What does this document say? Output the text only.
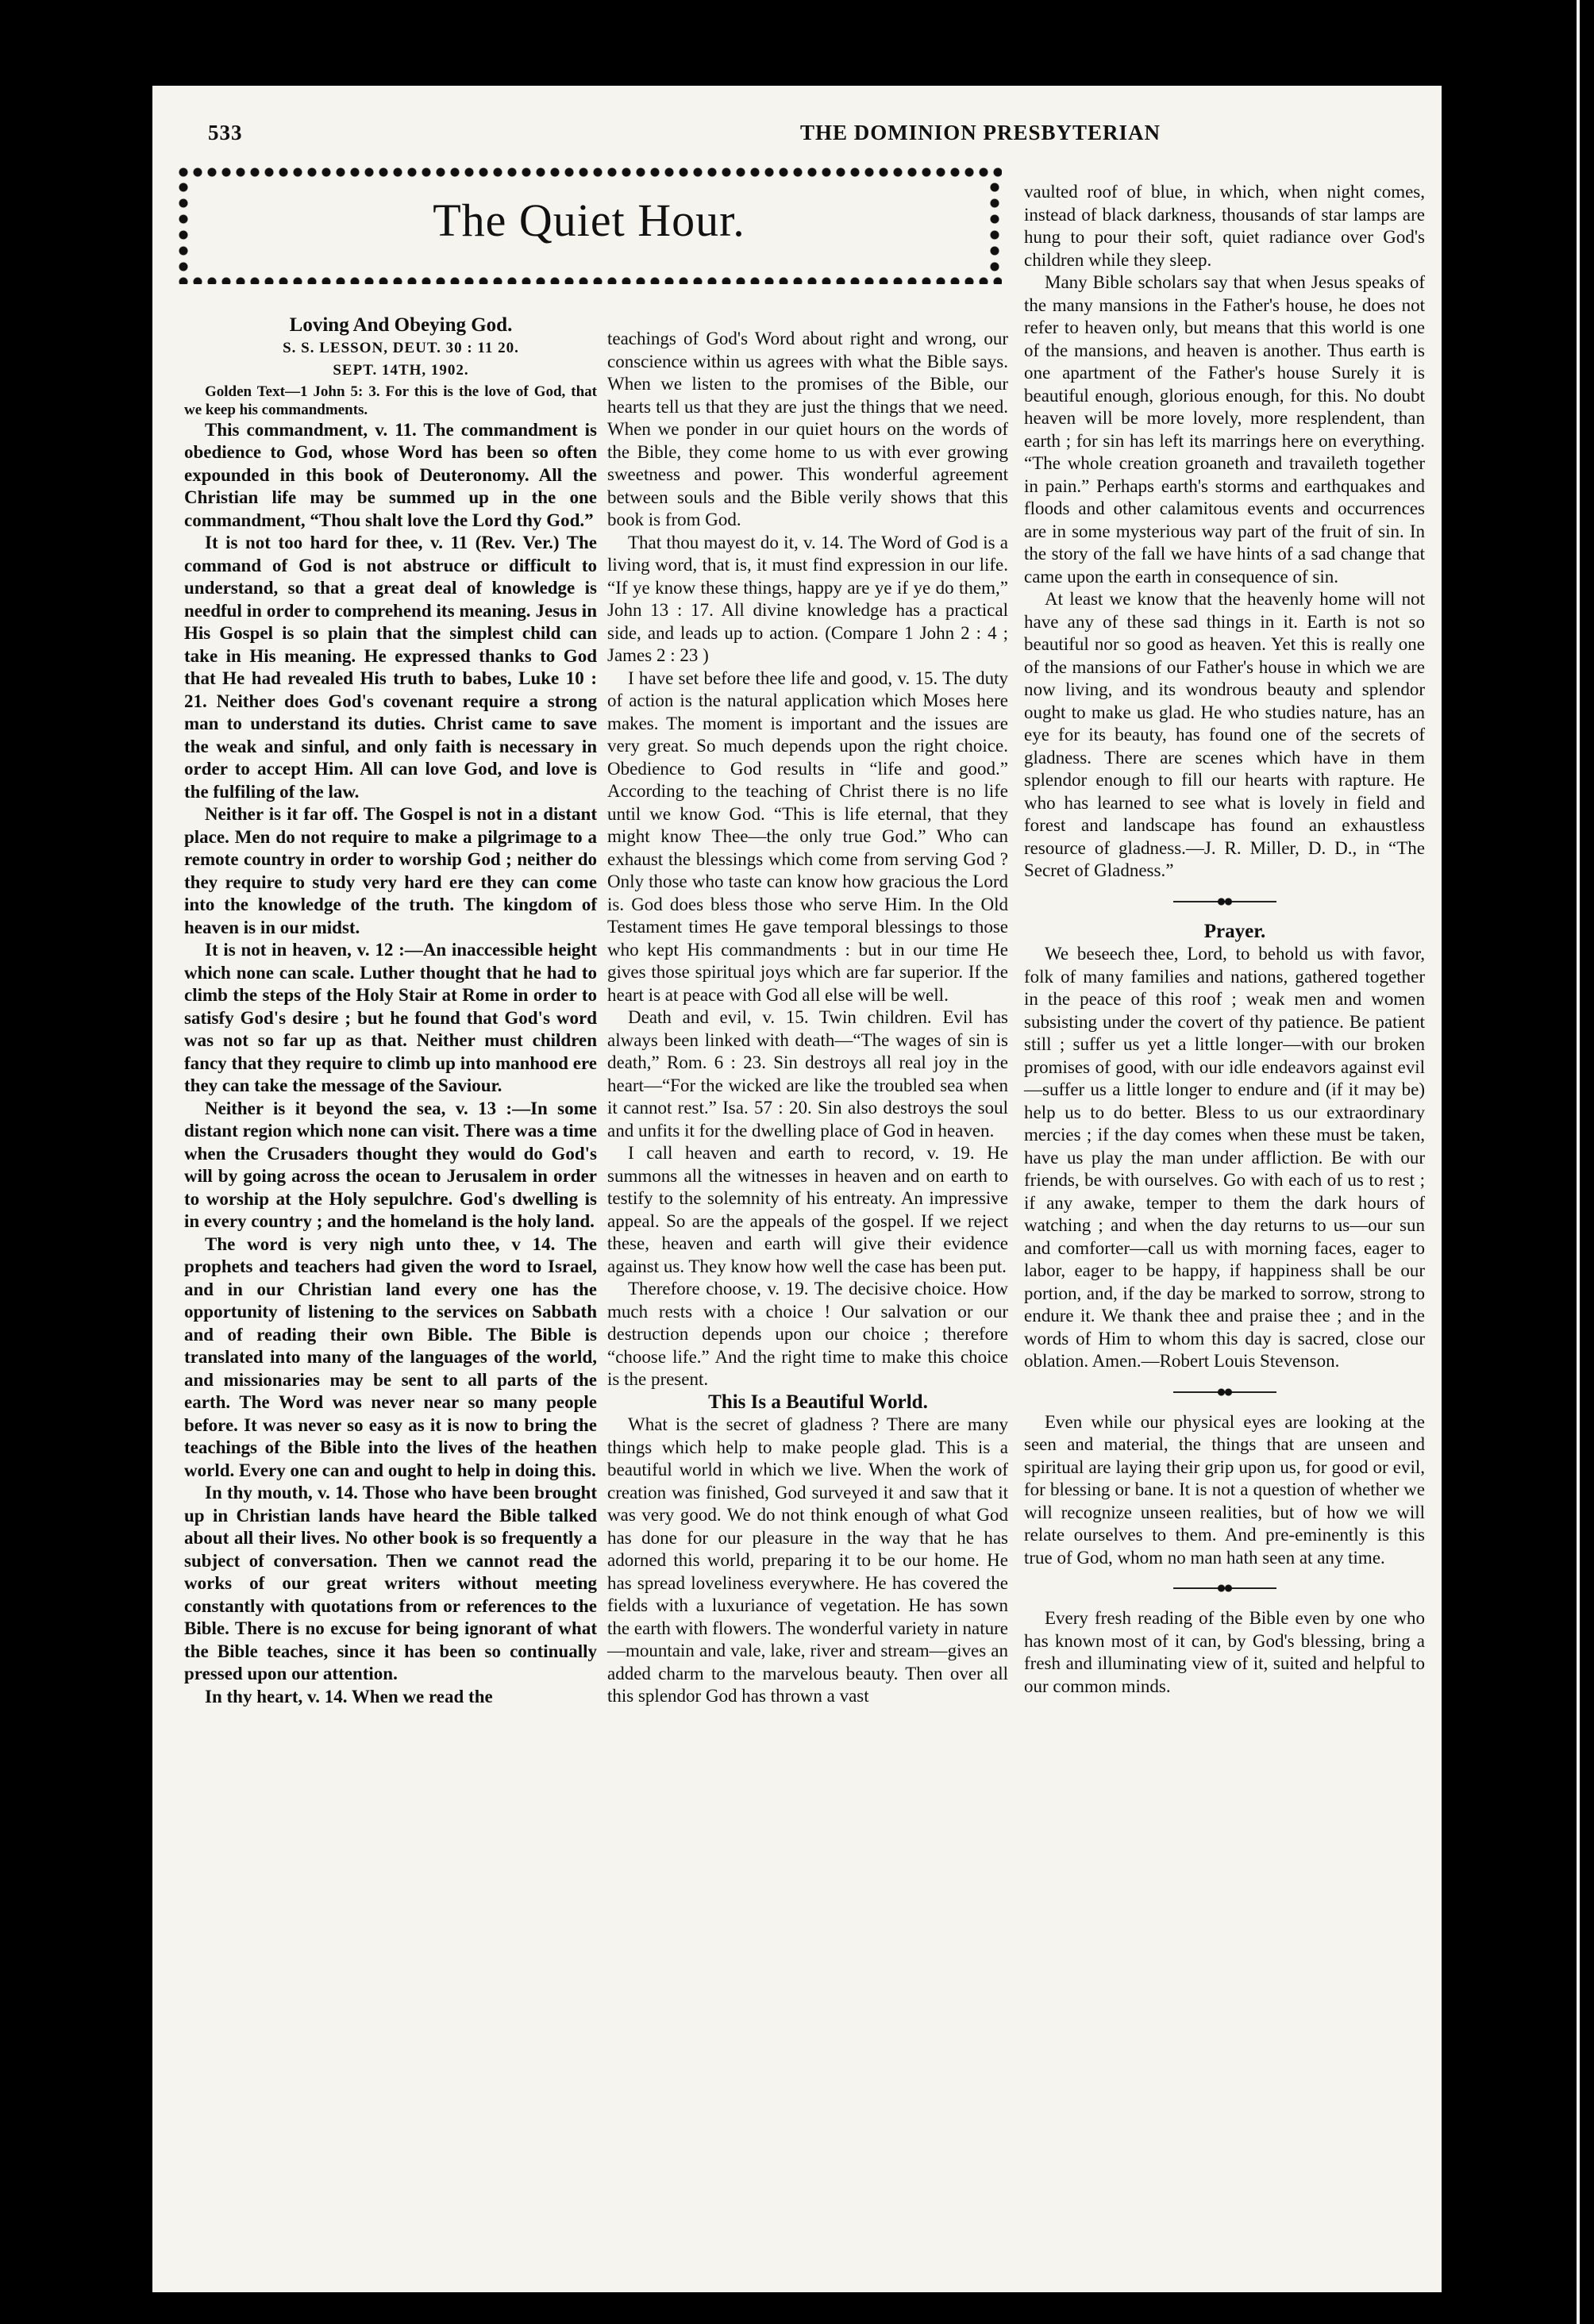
533	THE DOMINION PRESBYTERIAN
The Quiet Hour.

Loving And Obeying God.

S. S. LESSON, DEUT. 30 : 11 20.

SEPT. 14TH, 1902.

Golden Text—1 John 5: 3. For this is the love of God, that we keep his commandments.

This commandment, v. 11. The commandment is obedience to God, whose Word has been so often expounded in this book of Deuteronomy. All the Christian life may be summed up in the one commandment, “Thou shalt love the Lord thy God.”

It is not too hard for thee, v. 11 (Rev. Ver.) The command of God is not abstruce or difficult to understand, so that a great deal of knowledge is needful in order to comprehend its meaning. Jesus in His Gospel is so plain that the simplest child can take in His meaning. He expressed thanks to God that He had revealed His truth to babes, Luke 10 : 21. Neither does God's covenant require a strong man to understand its duties. Christ came to save the weak and sinful, and only faith is necessary in order to accept Him. All can love God, and love is the fulfiling of the law.

Neither is it far off. The Gospel is not in a distant place. Men do not require to make a pilgrimage to a remote country in order to worship God ; neither do they require to study very hard ere they can come into the knowledge of the truth. The kingdom of heaven is in our midst.

It is not in heaven, v. 12 :—An inaccessible height which none can scale. Luther thought that he had to climb the steps of the Holy Stair at Rome in order to satisfy God's desire ; but he found that God's word was not so far up as that. Neither must children fancy that they require to climb up into manhood ere they can take the message of the Saviour.

Neither is it beyond the sea, v. 13 :—In some distant region which none can visit. There was a time when the Crusaders thought they would do God's will by going across the ocean to Jerusalem in order to worship at the Holy sepulchre. God's dwelling is in every country ; and the homeland is the holy land.

The word is very nigh unto thee, v 14. The prophets and teachers had given the word to Israel, and in our Christian land every one has the opportunity of listening to the services on Sabbath and of reading their own Bible. The Bible is translated into many of the languages of the world, and missionaries may be sent to all parts of the earth. The Word was never near so many people before. It was never so easy as it is now to bring the teachings of the Bible into the lives of the heathen world. Every one can and ought to help in doing this.

In thy mouth, v. 14. Those who have been brought up in Christian lands have heard the Bible talked about all their lives. No other book is so frequently a subject of conversation. Then we cannot read the works of our great writers without meeting constantly with quotations from or references to the Bible. There is no excuse for being ignorant of what the Bible teaches, since it has been so continually pressed upon our attention.

In thy heart, v. 14. When we read the

teachings of God's Word about right and wrong, our conscience within us agrees with what the Bible says. When we listen to the promises of the Bible, our hearts tell us that they are just the things that we need. When we ponder in our quiet hours on the words of the Bible, they come home to us with ever growing sweetness and power. This wonderful agreement between souls and the Bible verily shows that this book is from God.

That thou mayest do it, v. 14. The Word of God is a living word, that is, it must find expression in our life. “If ye know these things, happy are ye if ye do them,” John 13 : 17. All divine knowledge has a practical side, and leads up to action. (Compare 1 John 2 : 4 ; James 2 : 23 )

I have set before thee life and good, v. 15. The duty of action is the natural application which Moses here makes. The moment is important and the issues are very great. So much depends upon the right choice. Obedience to God results in “life and good.” According to the teaching of Christ there is no life until we know God. “This is life eternal, that they might know Thee—the only true God.” Who can exhaust the blessings which come from serving God ? Only those who taste can know how gracious the Lord is. God does bless those who serve Him. In the Old Testament times He gave temporal blessings to those who kept His commandments : but in our time He gives those spiritual joys which are far superior. If the heart is at peace with God all else will be well.

Death and evil, v. 15. Twin children. Evil has always been linked with death—“The wages of sin is death,” Rom. 6 : 23. Sin destroys all real joy in the heart—“For the wicked are like the troubled sea when it cannot rest.” Isa. 57 : 20. Sin also destroys the soul and unfits it for the dwelling place of God in heaven.

I call heaven and earth to record, v. 19. He summons all the witnesses in heaven and on earth to testify to the solemnity of his entreaty. An impressive appeal. So are the appeals of the gospel. If we reject these, heaven and earth will give their evidence against us. They know how well the case has been put.

Therefore choose, v. 19. The decisive choice. How much rests with a choice ! Our salvation or our destruction depends upon our choice ; therefore “choose life.” And the right time to make this choice is the present.

This Is a Beautiful World.

What is the secret of gladness ? There are many things which help to make people glad. This is a beautiful world in which we live. When the work of creation was finished, God surveyed it and saw that it was very good. We do not think enough of what God has done for our pleasure in the way that he has adorned this world, preparing it to be our home. He has spread loveliness everywhere. He has covered the fields with a luxuriance of vegetation. He has sown the earth with flowers. The wonderful variety in nature—mountain and vale, lake, river and stream—gives an added charm to the marvelous beauty. Then over all this splendor God has thrown a vast

vaulted roof of blue, in which, when night comes, instead of black darkness, thousands of star lamps are hung to pour their soft, quiet radiance over God's children while they sleep.

Many Bible scholars say that when Jesus speaks of the many mansions in the Father's house, he does not refer to heaven only, but means that this world is one of the mansions, and heaven is another. Thus earth is one apartment of the Father's house Surely it is beautiful enough, glorious enough, for this. No doubt heaven will be more lovely, more resplendent, than earth ; for sin has left its marrings here on everything. “The whole creation groaneth and travaileth together in pain.” Perhaps earth's storms and earthquakes and floods and other calamitous events and occurrences are in some mysterious way part of the fruit of sin. In the story of the fall we have hints of a sad change that came upon the earth in consequence of sin.

At least we know that the heavenly home will not have any of these sad things in it. Earth is not so beautiful nor so good as heaven. Yet this is really one of the mansions of our Father's house in which we are now living, and its wondrous beauty and splendor ought to make us glad. He who studies nature, has an eye for its beauty, has found one of the secrets of gladness. There are scenes which have in them splendor enough to fill our hearts with rapture. He who has learned to see what is lovely in field and forest and landscape has found an exhaustless resource of gladness.—J. R. Miller, D. D., in “The Secret of Gladness.”

Prayer.

We beseech thee, Lord, to behold us with favor, folk of many families and nations, gathered together in the peace of this roof ; weak men and women subsisting under the covert of thy patience. Be patient still ; suffer us yet a little longer—with our broken promises of good, with our idle endeavors against evil—suffer us a little longer to endure and (if it may be) help us to do better. Bless to us our extraordinary mercies ; if the day comes when these must be taken, have us play the man under affliction. Be with our friends, be with ourselves. Go with each of us to rest ; if any awake, temper to them the dark hours of watching ; and when the day returns to us—our sun and comforter—call us with morning faces, eager to labor, eager to be happy, if happiness shall be our portion, and, if the day be marked to sorrow, strong to endure it. We thank thee and praise thee ; and in the words of Him to whom this day is sacred, close our oblation. Amen.—Robert Louis Stevenson.

Even while our physical eyes are looking at the seen and material, the things that are unseen and spiritual are laying their grip upon us, for good or evil, for blessing or bane. It is not a question of whether we will recognize unseen realities, but of how we will relate ourselves to them. And pre-eminently is this true of God, whom no man hath seen at any time.

Every fresh reading of the Bible even by one who has known most of it can, by God's blessing, bring a fresh and illuminating view of it, suited and helpful to our common minds.
